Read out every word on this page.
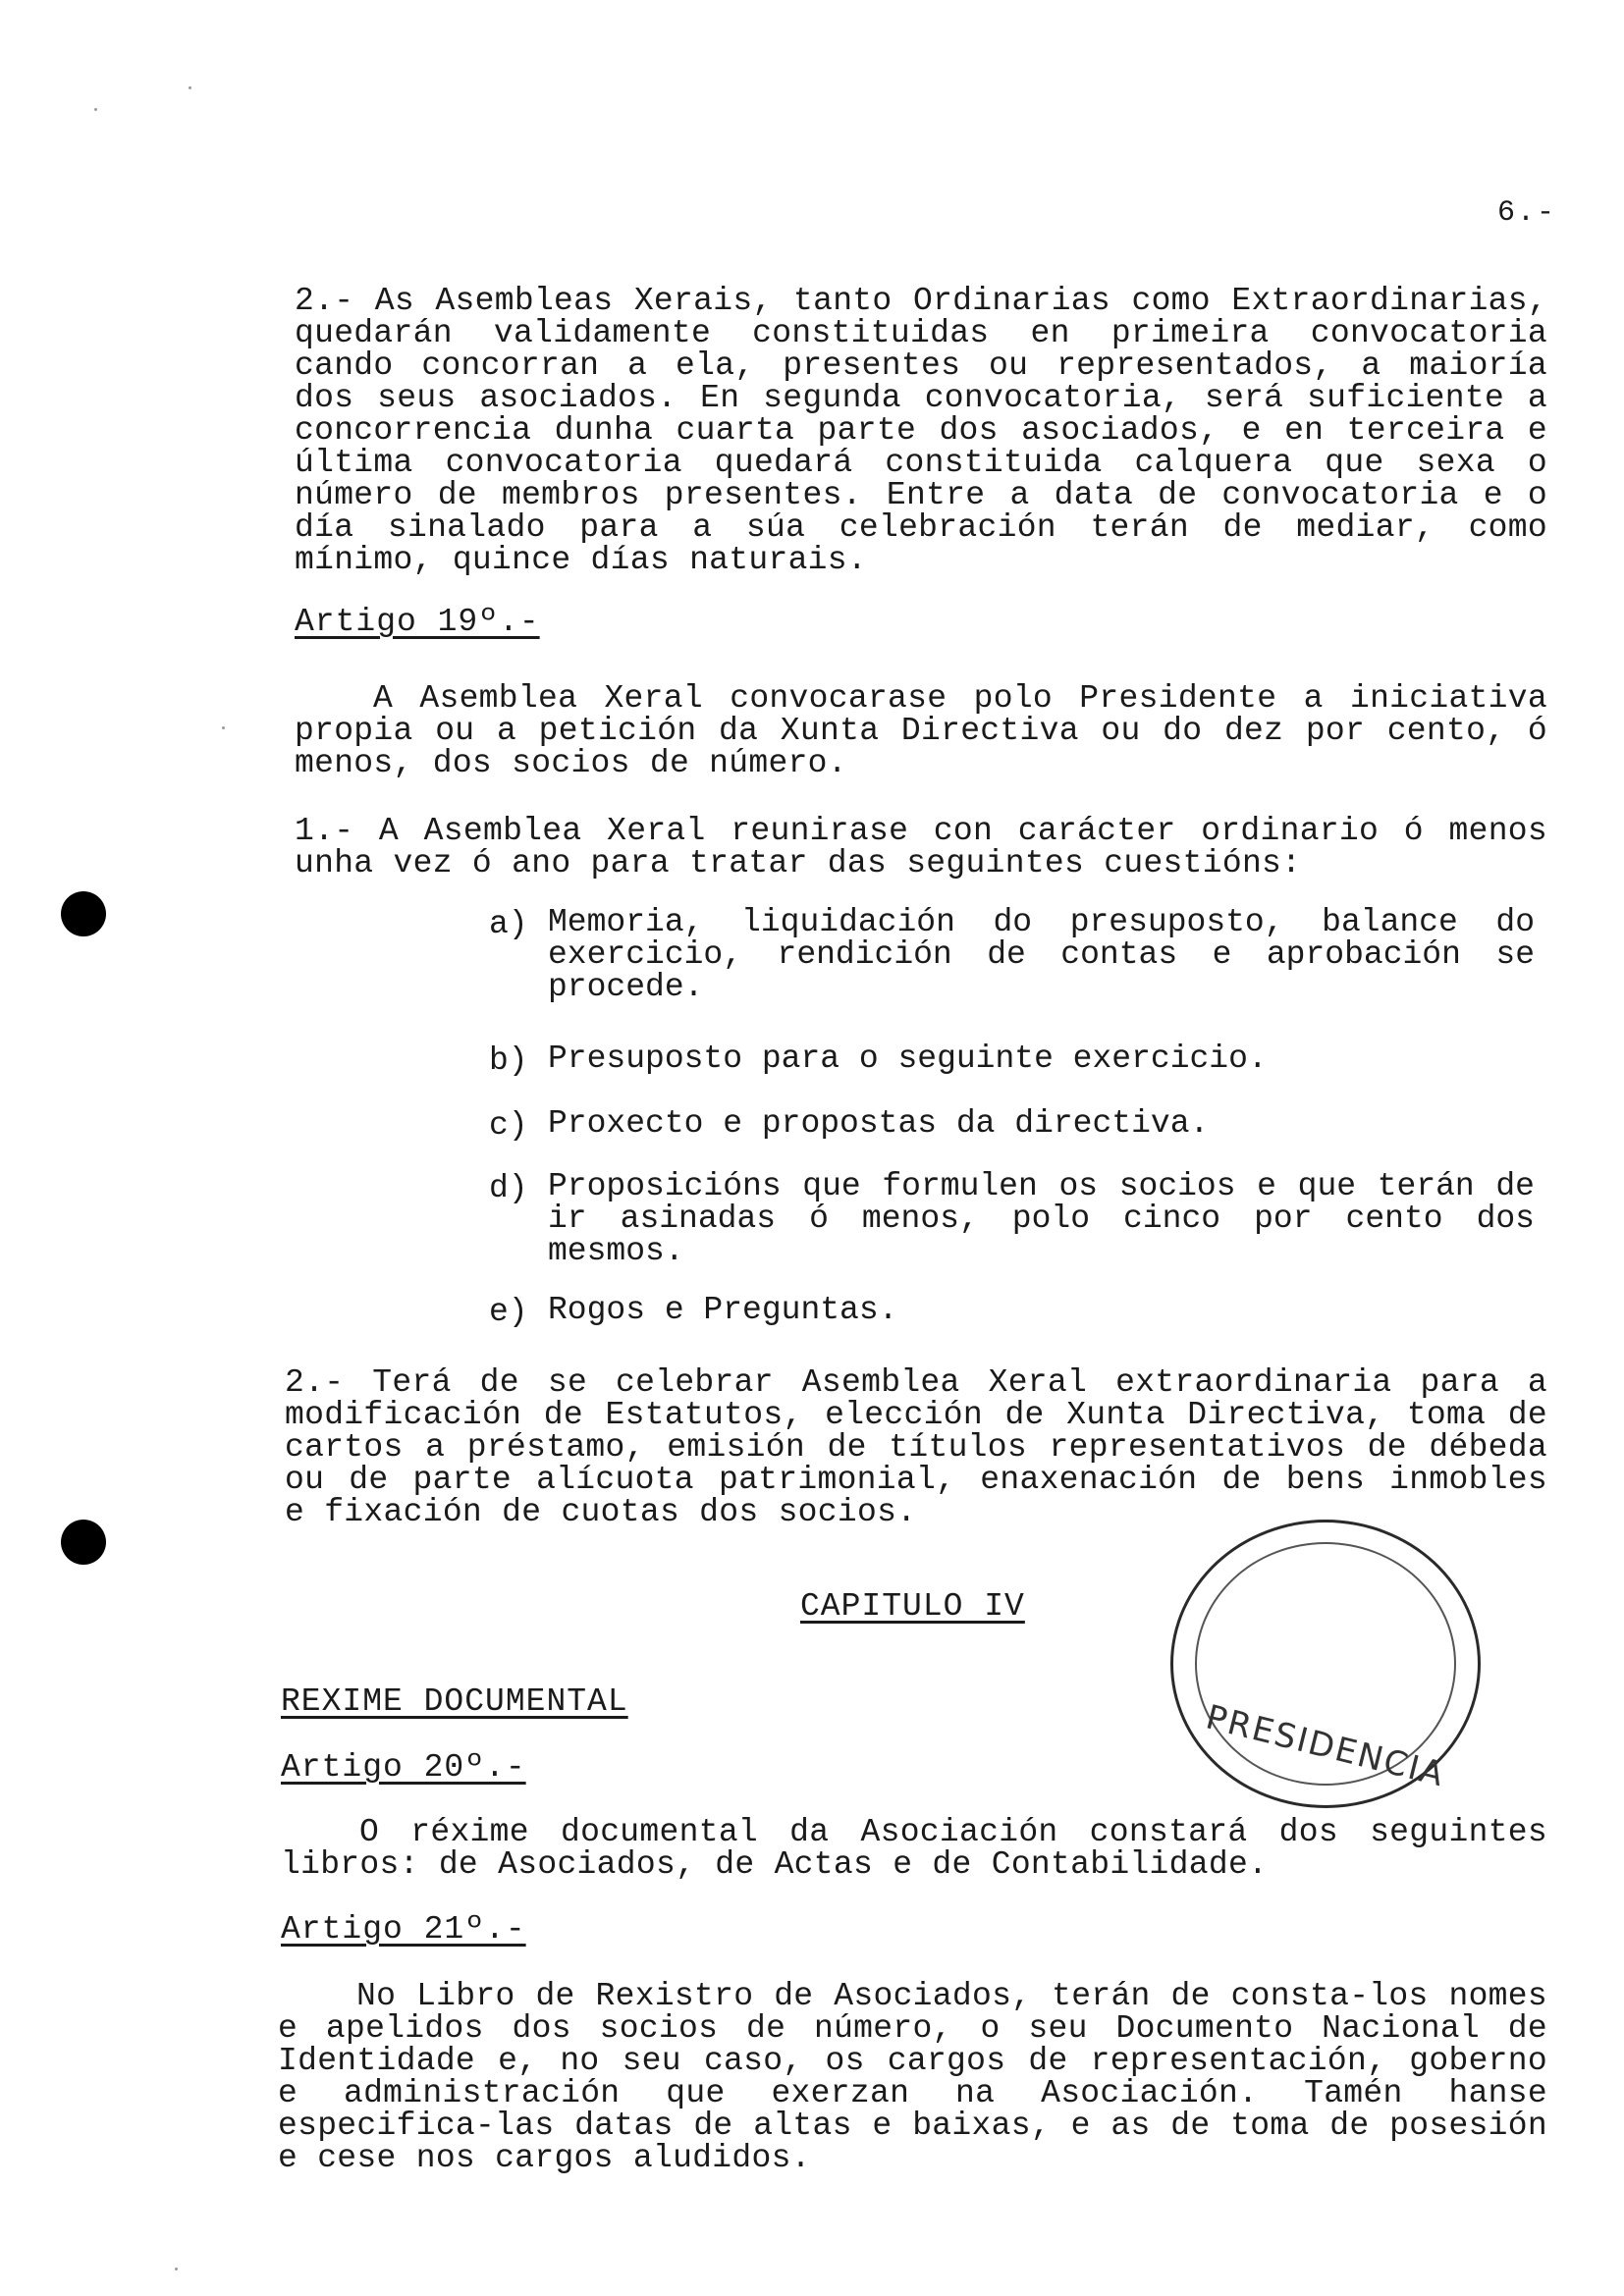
6.-
2.- As Asembleas Xerais, tanto Ordinarias como Extraordinarias, quedarán validamente constituidas en primeira convocatoria cando concorran a ela, presentes ou representados, a maioría dos seus asociados. En segunda convocatoria, será suficiente a concorrencia dunha cuarta parte dos asociados, e en terceira e última convocatoria quedará constituida calquera que sexa o número de membros presentes. Entre a data de convocatoria e o día sinalado para a súa celebración terán de mediar, como mínimo, quince días naturais.
Artigo 19º.-
A Asemblea Xeral convocarase polo Presidente a iniciativa propia ou a petición da Xunta Directiva ou do dez por cento, ó menos, dos socios de número.
1.- A Asemblea Xeral reunirase con carácter ordinario ó menos unha vez ó ano para tratar das seguintes cuestións:
a) Memoria, liquidación do presuposto, balance do exercicio, rendición de contas e aprobación se procede.
b) Presuposto para o seguinte exercicio.
c) Proxecto e propostas da directiva.
d) Proposicións que formulen os socios e que terán de ir asinadas ó menos, polo cinco por cento dos mesmos.
e) Rogos e Preguntas.
2.- Terá de se celebrar Asemblea Xeral extraordinaria para a modificación de Estatutos, elección de Xunta Directiva, toma de cartos a préstamo, emisión de títulos representativos de débeda ou de parte alícuota patrimonial, enaxenación de bens inmobles e fixación de cuotas dos socios.
CAPITULO IV
REXIME DOCUMENTAL
Artigo 20º.-
O réxime documental da Asociación constará dos seguintes libros: de Asociados, de Actas e de Contabilidade.
Artigo 21º.-
No Libro de Rexistro de Asociados, terán de consta-los nomes e apelidos dos socios de número, o seu Documento Nacional de Identidade e, no seu caso, os cargos de representación, goberno e administración que exerzan na Asociación. Tamén hanse especifica-las datas de altas e baixas, e as de toma de posesión e cese nos cargos aludidos.
PRESIDENCIA
